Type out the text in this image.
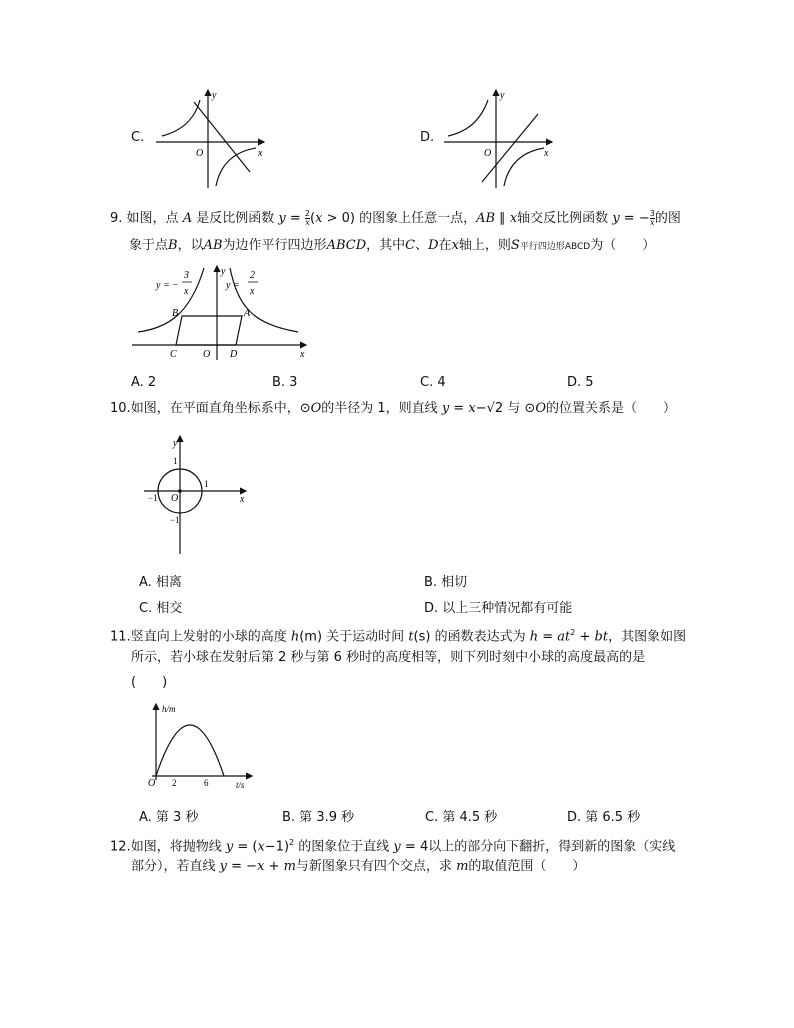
C.
y
x
O
D.
y
x
O
9. 如图，点 A 是反比例函数 $y = \frac{2}{x} (x > 0)$ 的图象上任意一点，AB ∥ x轴交反比例函数 y = − $\frac{3}{x}$ 的图
象于点B，以AB为边作平行四边形ABCD，其中C、D在x轴上，则S平行四边形ABCD为（　　）
y = −
3
x
y =
2
x
y
x
B	A
C	O D
A. 2	B. 3	C. 4	D. 5
10.如图，在平面直角坐标系中，⊙O的半径为 1，则直线 y = x−√2 与 ⊙O的位置关系是（　　）
y
x
1
1
−1 O
−1
A. 相离	B. 相切
C. 相交	D. 以上三种情况都有可能
11.竖直向上发射的小球的高度 h(m) 关于运动时间 t(s) 的函数表达式为 $h = at^2$ + bt，其图象如图
所示，若小球在发射后第 2 秒与第 6 秒时的高度相等，则下列时刻中小球的高度最高的是
(　　)
h/m
t/s
O 2	6
A. 第 3 秒	B. 第 3.9 秒	C. 第 4.5 秒	D. 第 6.5 秒
12.如图，将抛物线 $y = (x-1)^2$ 的图象位于直线 y = 4以上的部分向下翻折，得到新的图象（实线
部分），若直线 y = −x + m与新图象只有四个交点，求 m的取值范围（　　）
